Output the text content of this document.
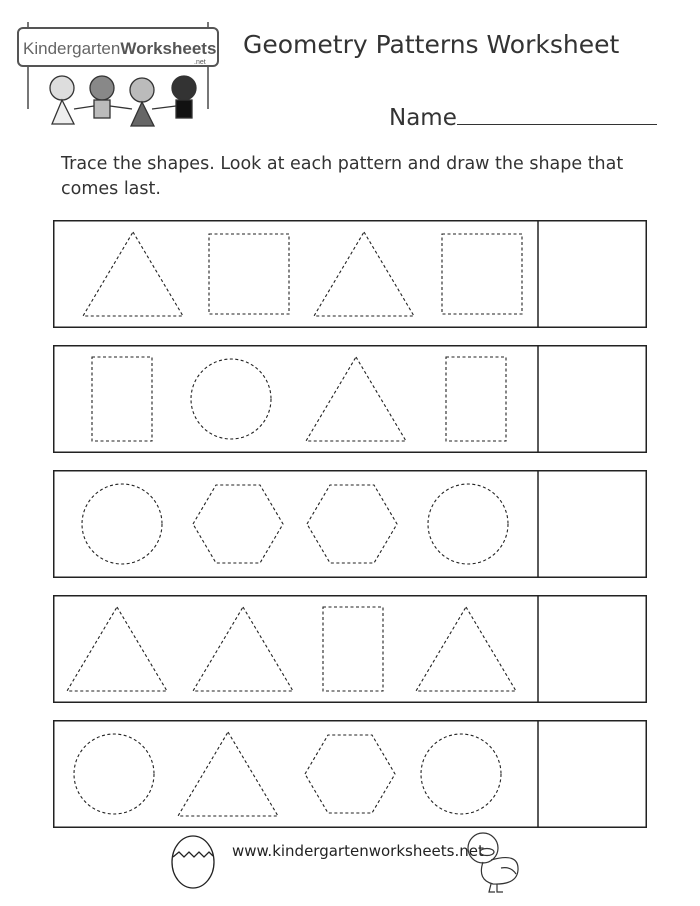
KindergartenWorksheets
.net
Geometry Patterns Worksheet
Name
Trace the shapes. Look at each pattern and draw the shape that comes last.
www.kindergartenworksheets.net
